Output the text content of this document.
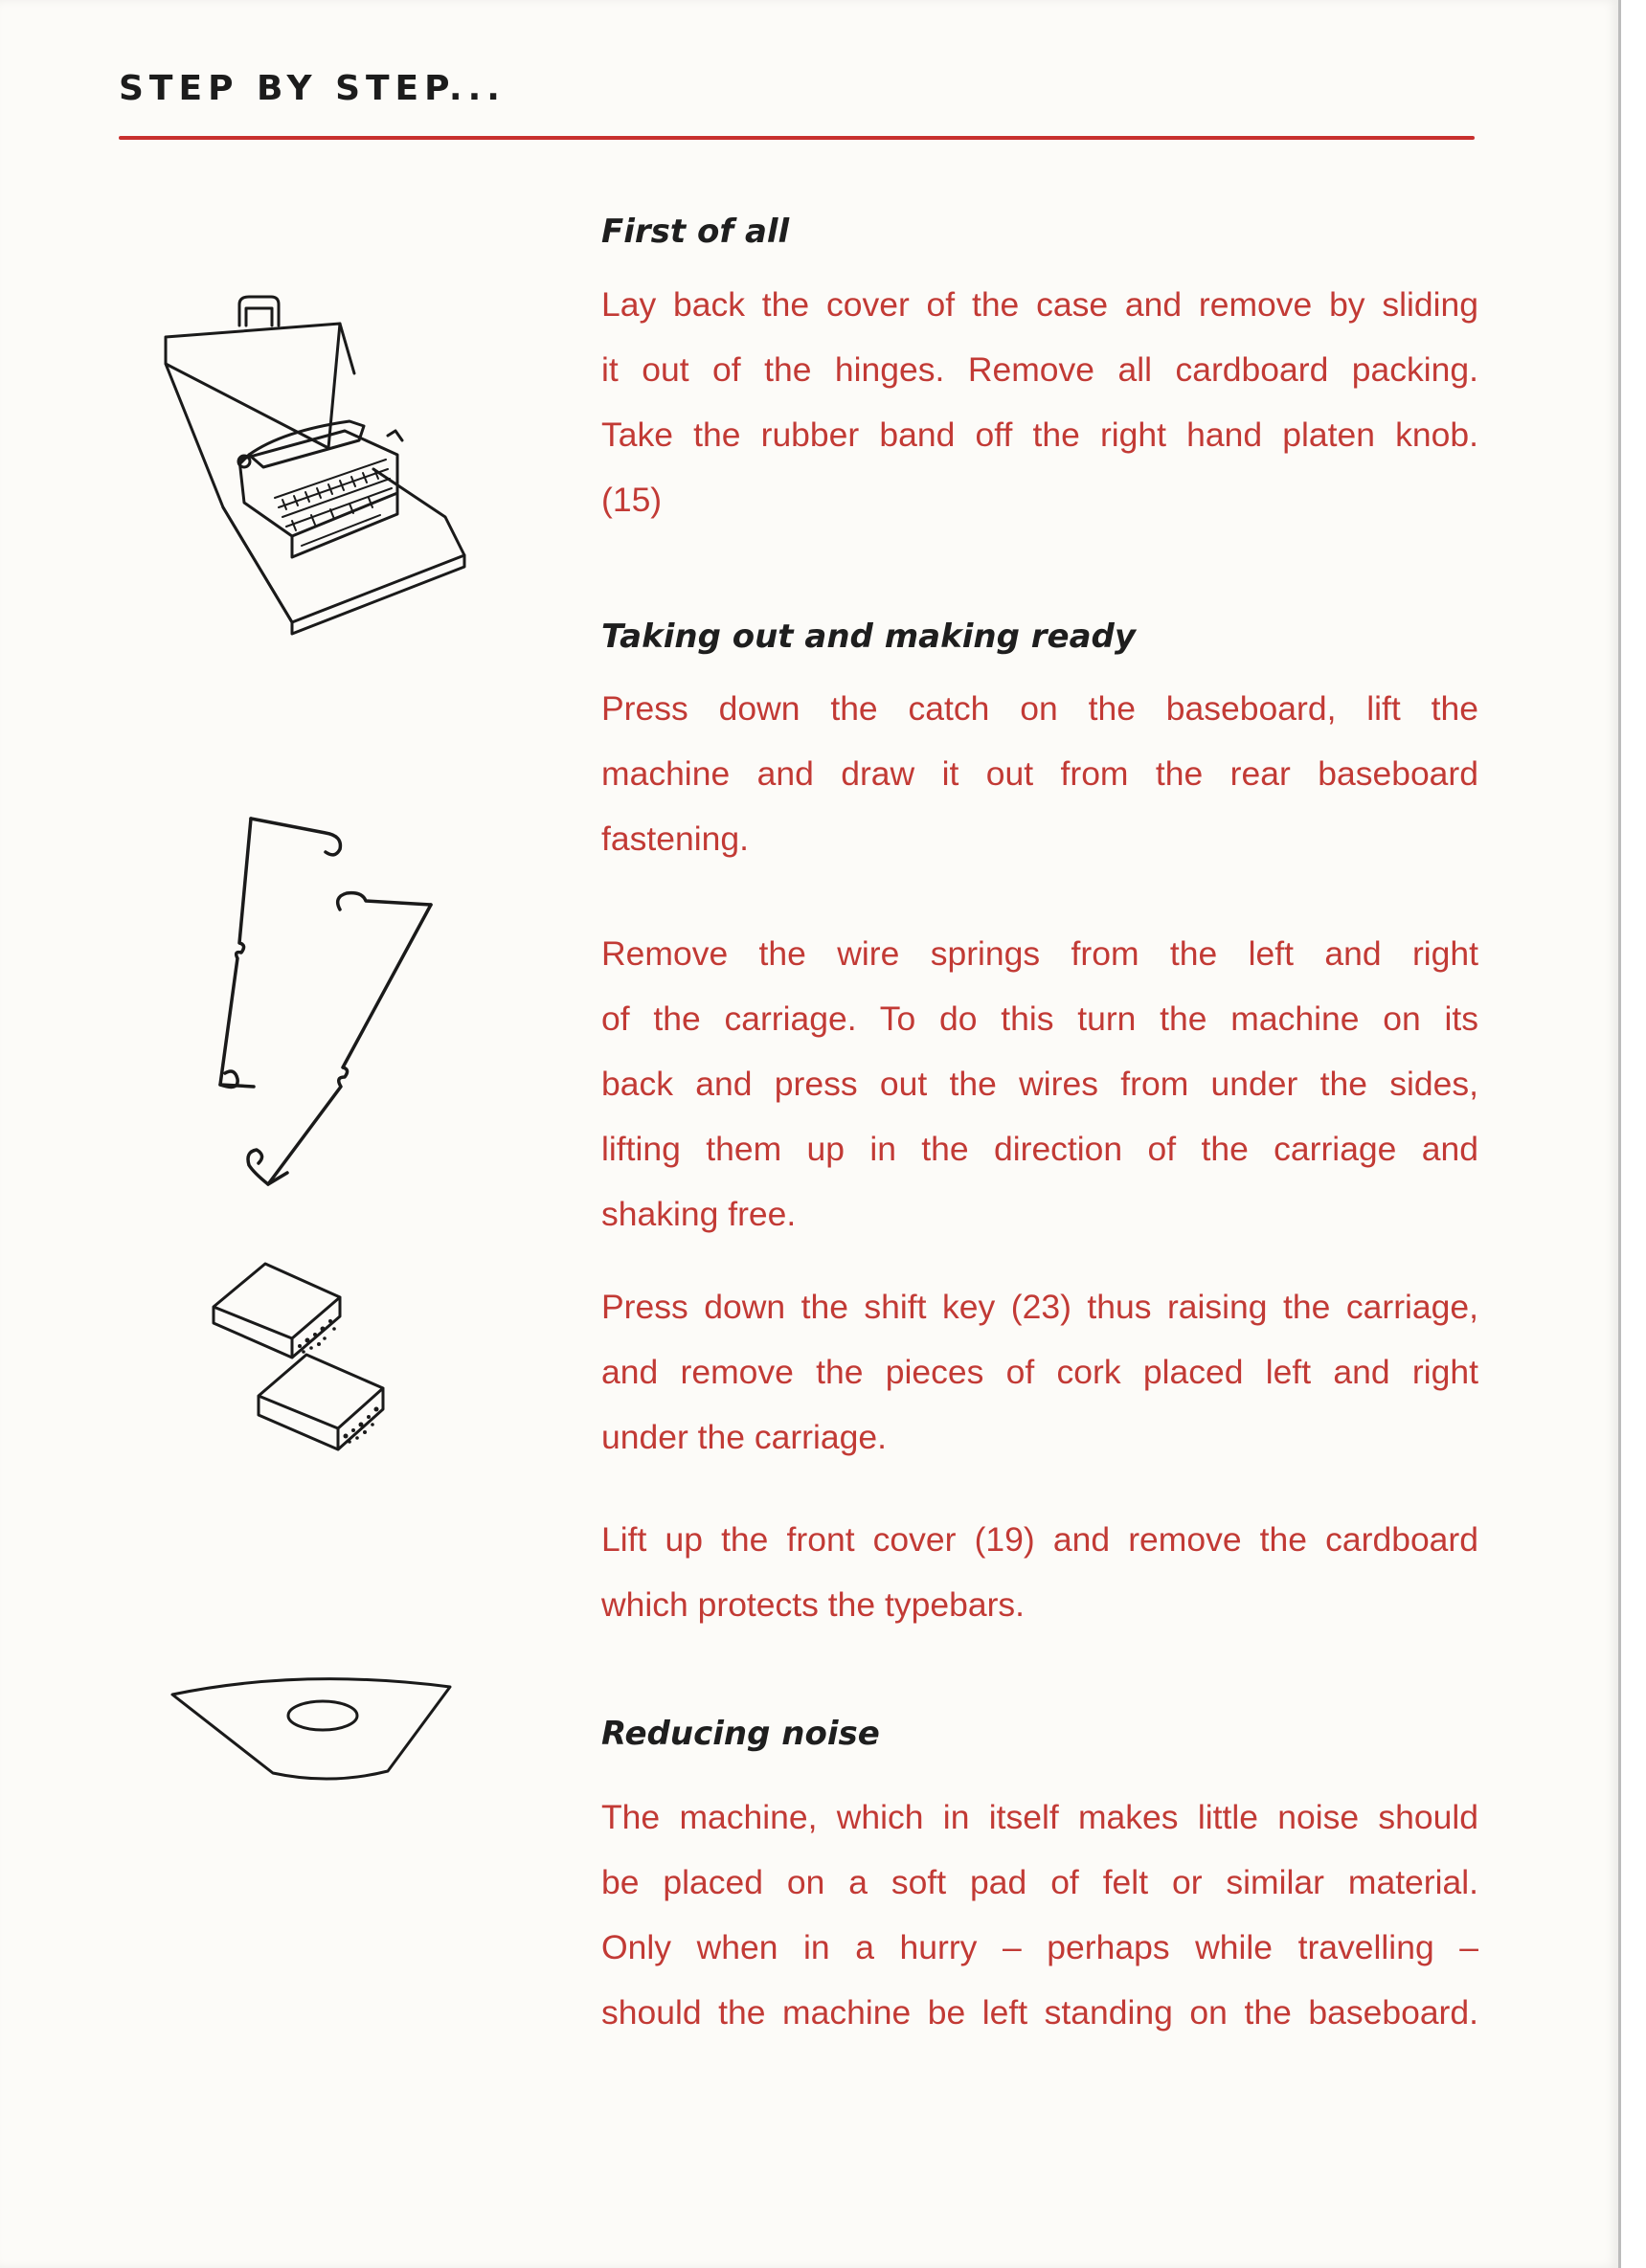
STEP BY STEP...
First of all
Lay back the cover of the case and remove by sliding
it out of the hinges. Remove all cardboard packing.
Take the rubber band off the right hand platen knob.
(15)
Taking out and making ready
Press down the catch on the baseboard, lift the
machine and draw it out from the rear baseboard
fastening.
Remove the wire springs from the left and right
of the carriage. To do this turn the machine on its
back and press out the wires from under the sides,
lifting them up in the direction of the carriage and
shaking free.
Press down the shift key (23) thus raising the carriage,
and remove the pieces of cork placed left and right
under the carriage.
Lift up the front cover (19) and remove the cardboard
which protects the typebars.
Reducing noise
The machine, which in itself makes little noise should
be placed on a soft pad of felt or similar material.
Only when in a hurry – perhaps while travelling –
should the machine be left standing on the baseboard.
